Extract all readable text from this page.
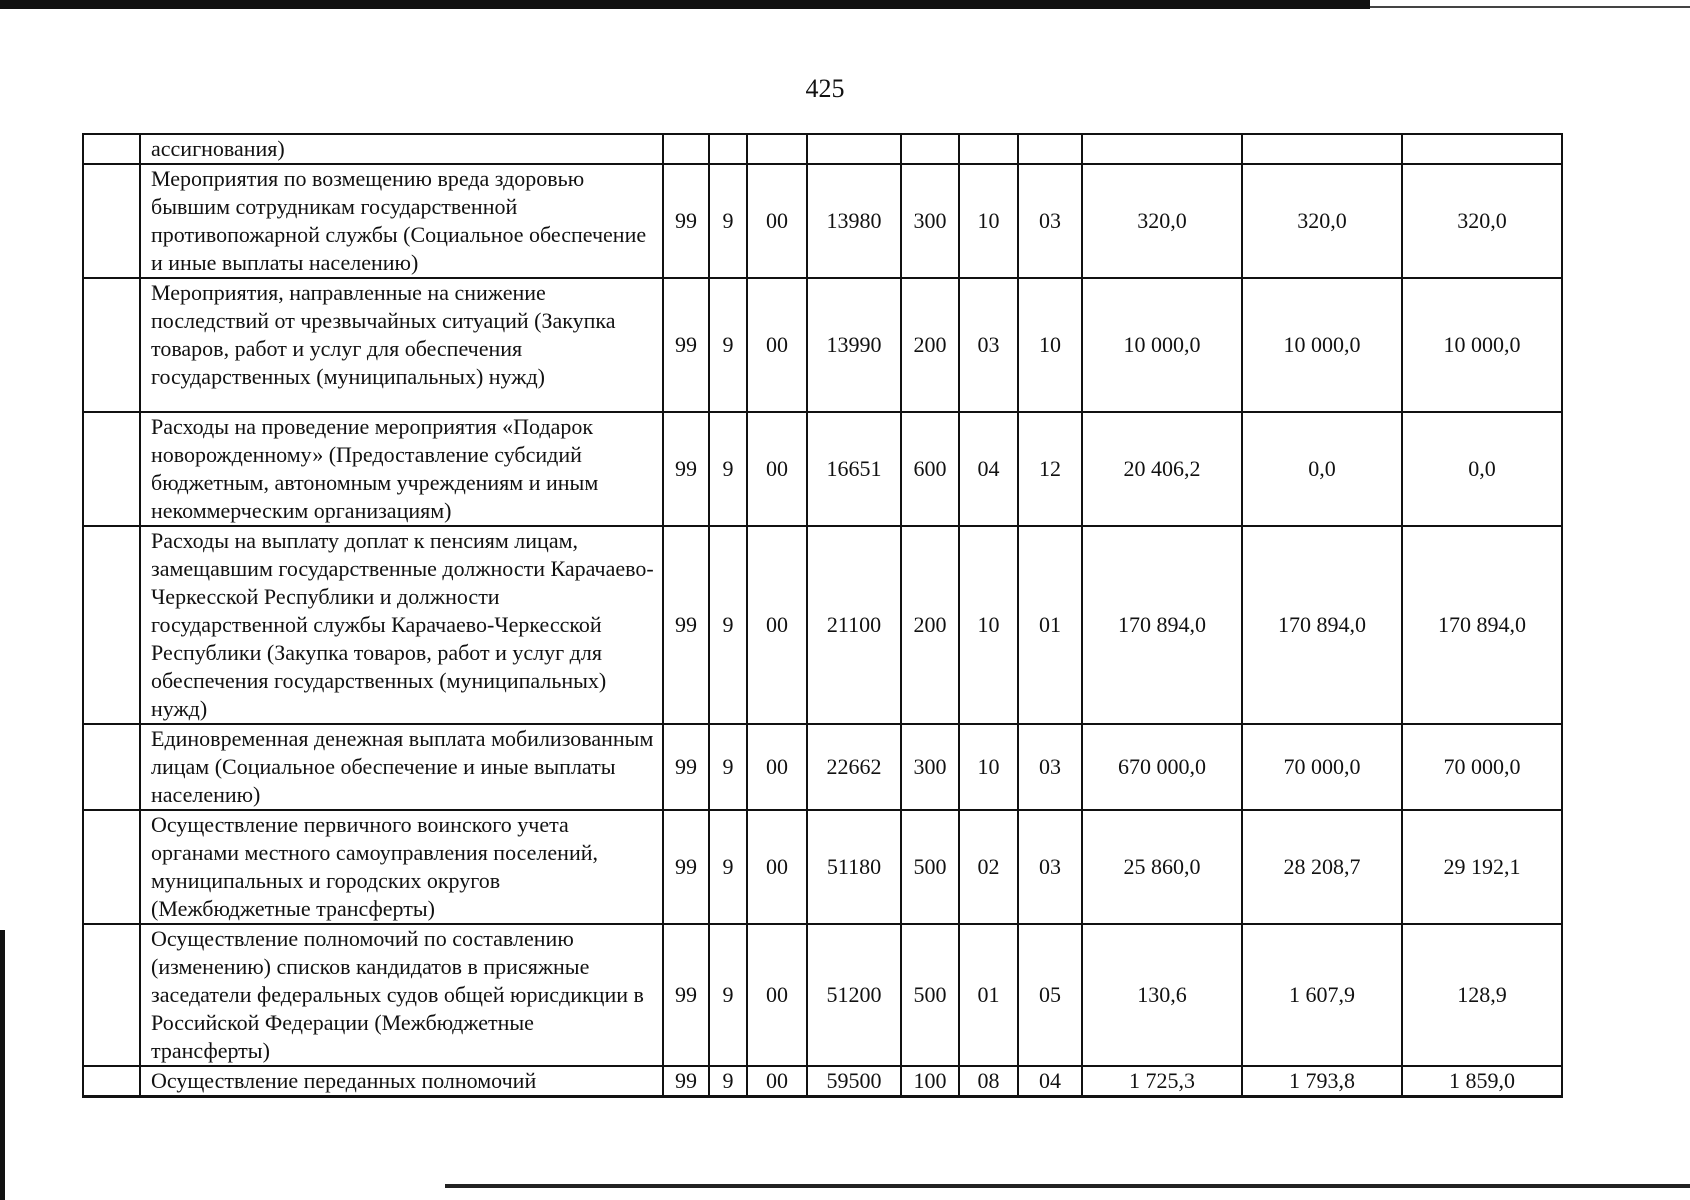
425
	ассигнования)										
	Мероприятия по возмещению вреда здоровью бывшим сотрудникам государственной противопожарной службы (Социальное обеспечение и иные выплаты населению)	99	9	00	13980	300	10	03	320,0	320,0	320,0
	Мероприятия, направленные на снижение последствий от чрезвычайных ситуаций (Закупка товаров, работ и услуг для обеспечения государственных (муниципальных) нужд)	99	9	00	13990	200	03	10	10 000,0	10 000,0	10 000,0
	Расходы на проведение мероприятия «Подарок новорожденному» (Предоставление субсидий бюджетным, автономным учреждениям и иным некоммерческим организациям)	99	9	00	16651	600	04	12	20 406,2	0,0	0,0
	Расходы на выплату доплат к пенсиям лицам, замещавшим государственные должности Карачаево-Черкесской Республики и должности государственной службы Карачаево-Черкесской Республики (Закупка товаров, работ и услуг для обеспечения государственных (муниципальных) нужд)	99	9	00	21100	200	10	01	170 894,0	170 894,0	170 894,0
	Единовременная денежная выплата мобилизованным лицам (Социальное обеспечение и иные выплаты населению)	99	9	00	22662	300	10	03	670 000,0	70 000,0	70 000,0
	Осуществление первичного воинского учета органами местного самоуправления поселений, муниципальных и городских округов (Межбюджетные трансферты)	99	9	00	51180	500	02	03	25 860,0	28 208,7	29 192,1
	Осуществление полномочий по составлению (изменению) списков кандидатов в присяжные заседатели федеральных судов общей юрисдикции в Российской Федерации (Межбюджетные трансферты)	99	9	00	51200	500	01	05	130,6	1 607,9	128,9
	Осуществление переданных полномочий	99	9	00	59500	100	08	04	1 725,3	1 793,8	1 859,0
